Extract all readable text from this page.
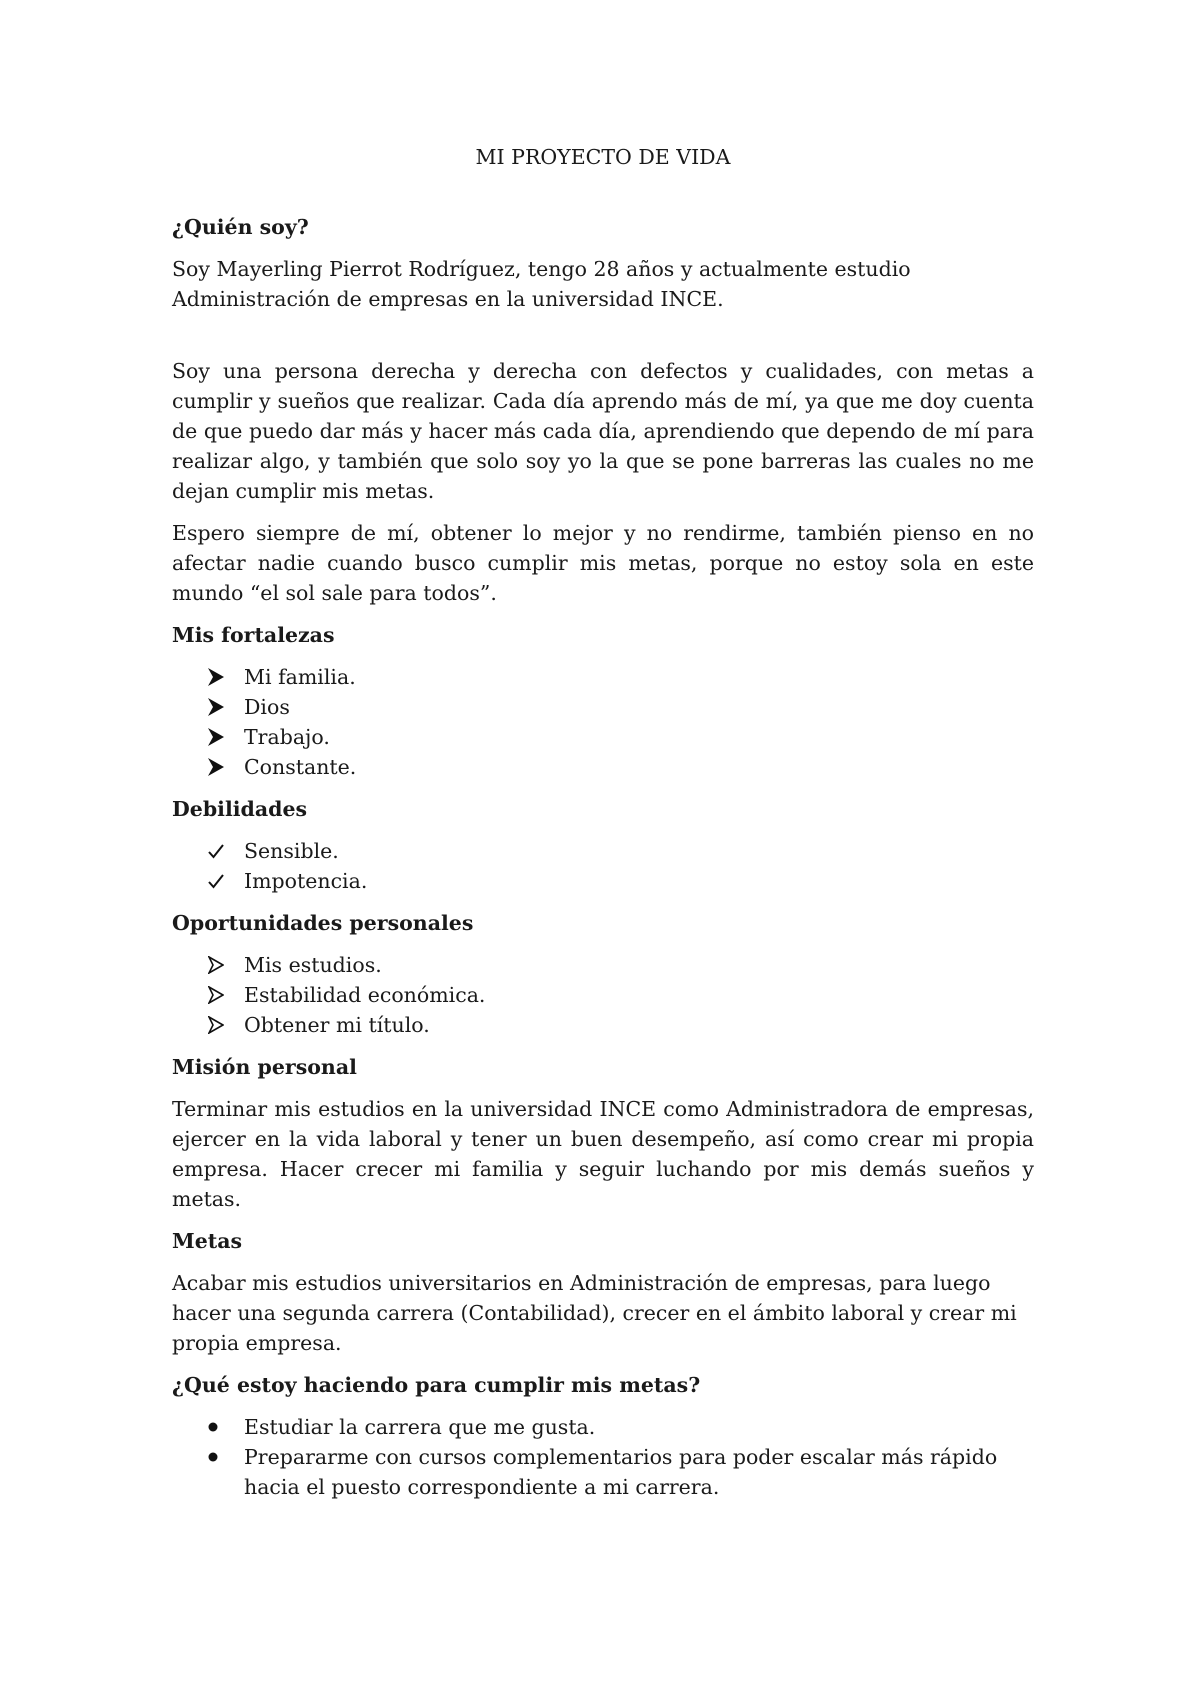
MI PROYECTO DE VIDA
¿Quién soy?

Soy Mayerling Pierrot Rodríguez, tengo 28 años y actualmente estudio Administración de empresas en la universidad INCE.

Soy una persona derecha y derecha con defectos y cualidades, con metas a cumplir y sueños que realizar. Cada día aprendo más de mí, ya que me doy cuenta de que puedo dar más y hacer más cada día, aprendiendo que dependo de mí para realizar algo, y también que solo soy yo la que se pone barreras las cuales no me dejan cumplir mis metas.

Espero siempre de mí, obtener lo mejor y no rendirme, también pienso en no afectar nadie cuando busco cumplir mis metas, porque no estoy sola en este mundo “el sol sale para todos”.

Mis fortalezas
Mi familia.
Dios
Trabajo.
Constante.
Debilidades
Sensible.
Impotencia.
Oportunidades personales
Mis estudios.
Estabilidad económica.
Obtener mi título.
Misión personal

Terminar mis estudios en la universidad INCE como Administradora de empresas, ejercer en la vida laboral y tener un buen desempeño, así como crear mi propia empresa. Hacer crecer mi familia y seguir luchando por mis demás sueños y metas.

Metas

Acabar mis estudios universitarios en Administración de empresas, para luego hacer una segunda carrera (Contabilidad), crecer en el ámbito laboral y crear mi propia empresa.

¿Qué estoy haciendo para cumplir mis metas?
Estudiar la carrera que me gusta.
Prepararme con cursos complementarios para poder escalar más rápido hacia el puesto correspondiente a mi carrera.
